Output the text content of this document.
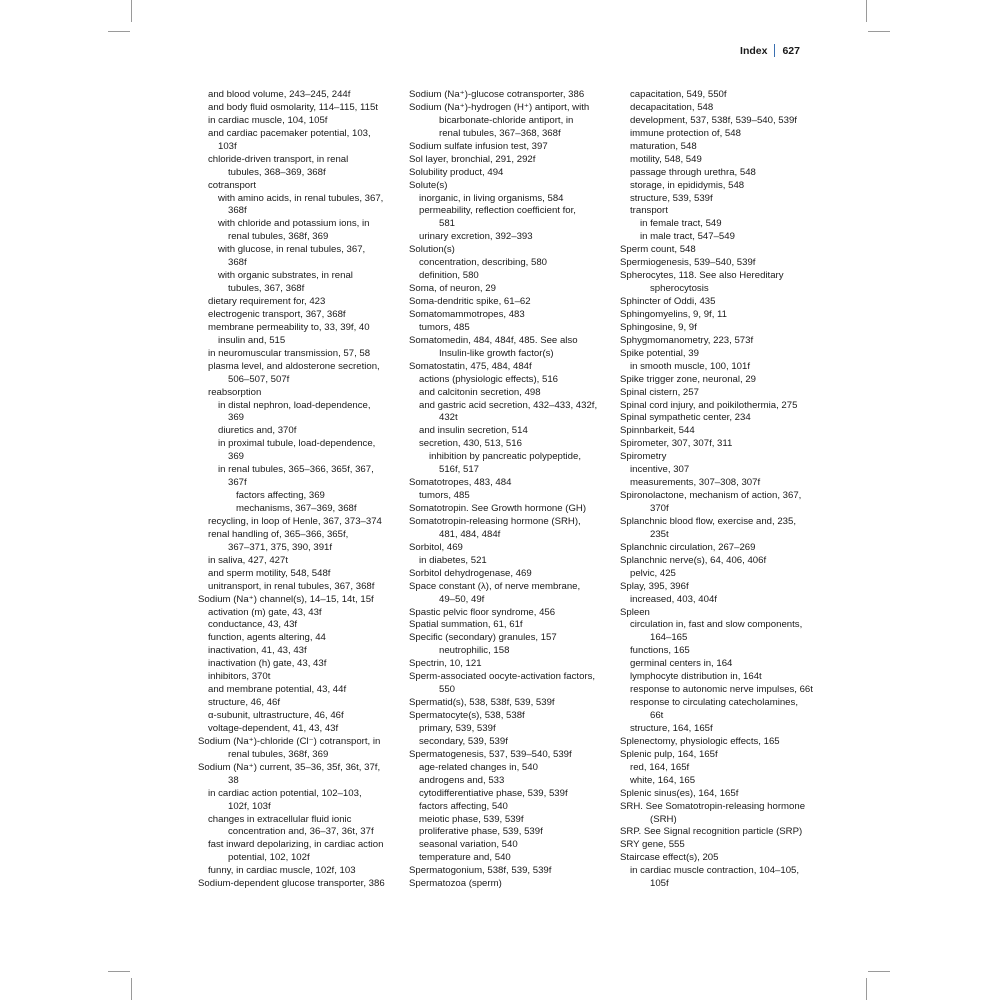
Index 627
and blood volume, 243–245, 244f
and body fluid osmolarity, 114–115, 115t
in cardiac muscle, 104, 105f
and cardiac pacemaker potential, 103,
103f
chloride-driven transport, in renal
tubules, 368–369, 368f
cotransport
with amino acids, in renal tubules, 367,
368f
with chloride and potassium ions, in
renal tubules, 368f, 369
with glucose, in renal tubules, 367,
368f
with organic substrates, in renal
tubules, 367, 368f
dietary requirement for, 423
electrogenic transport, 367, 368f
membrane permeability to, 33, 39f, 40
insulin and, 515
in neuromuscular transmission, 57, 58
plasma level, and aldosterone secretion,
506–507, 507f
reabsorption
in distal nephron, load-dependence,
369
diuretics and, 370f
in proximal tubule, load-dependence,
369
in renal tubules, 365–366, 365f, 367,
367f
factors affecting, 369
mechanisms, 367–369, 368f
recycling, in loop of Henle, 367, 373–374
renal handling of, 365–366, 365f,
367–371, 375, 390, 391f
in saliva, 427, 427t
and sperm motility, 548, 548f
unitransport, in renal tubules, 367, 368f
Sodium (Na⁺) channel(s), 14–15, 14t, 15f
activation (m) gate, 43, 43f
conductance, 43, 43f
function, agents altering, 44
inactivation, 41, 43, 43f
inactivation (h) gate, 43, 43f
inhibitors, 370t
and membrane potential, 43, 44f
structure, 46, 46f
α-subunit, ultrastructure, 46, 46f
voltage-dependent, 41, 43, 43f
Sodium (Na⁺)-chloride (Cl⁻) cotransport, in
renal tubules, 368f, 369
Sodium (Na⁺) current, 35–36, 35f, 36t, 37f,
38
in cardiac action potential, 102–103,
102f, 103f
changes in extracellular fluid ionic
concentration and, 36–37, 36t, 37f
fast inward depolarizing, in cardiac action
potential, 102, 102f
funny, in cardiac muscle, 102f, 103
Sodium-dependent glucose transporter, 386
Sodium (Na⁺)-glucose cotransporter, 386
Sodium (Na⁺)-hydrogen (H⁺) antiport, with
bicarbonate-chloride antiport, in
renal tubules, 367–368, 368f
Sodium sulfate infusion test, 397
Sol layer, bronchial, 291, 292f
Solubility product, 494
Solute(s)
inorganic, in living organisms, 584
permeability, reflection coefficient for,
581
urinary excretion, 392–393
Solution(s)
concentration, describing, 580
definition, 580
Soma, of neuron, 29
Soma-dendritic spike, 61–62
Somatomammotropes, 483
tumors, 485
Somatomedin, 484, 484f, 485. See also
Insulin-like growth factor(s)
Somatostatin, 475, 484, 484f
actions (physiologic effects), 516
and calcitonin secretion, 498
and gastric acid secretion, 432–433, 432f,
432t
and insulin secretion, 514
secretion, 430, 513, 516
inhibition by pancreatic polypeptide,
516f, 517
Somatotropes, 483, 484
tumors, 485
Somatotropin. See Growth hormone (GH)
Somatotropin-releasing hormone (SRH),
481, 484, 484f
Sorbitol, 469
in diabetes, 521
Sorbitol dehydrogenase, 469
Space constant (λ), of nerve membrane,
49–50, 49f
Spastic pelvic floor syndrome, 456
Spatial summation, 61, 61f
Specific (secondary) granules, 157
neutrophilic, 158
Spectrin, 10, 121
Sperm-associated oocyte-activation factors,
550
Spermatid(s), 538, 538f, 539, 539f
Spermatocyte(s), 538, 538f
primary, 539, 539f
secondary, 539, 539f
Spermatogenesis, 537, 539–540, 539f
age-related changes in, 540
androgens and, 533
cytodifferentiative phase, 539, 539f
factors affecting, 540
meiotic phase, 539, 539f
proliferative phase, 539, 539f
seasonal variation, 540
temperature and, 540
Spermatogonium, 538f, 539, 539f
Spermatozoa (sperm)
capacitation, 549, 550f
decapacitation, 548
development, 537, 538f, 539–540, 539f
immune protection of, 548
maturation, 548
motility, 548, 549
passage through urethra, 548
storage, in epididymis, 548
structure, 539, 539f
transport
in female tract, 549
in male tract, 547–549
Sperm count, 548
Spermiogenesis, 539–540, 539f
Spherocytes, 118. See also Hereditary
spherocytosis
Sphincter of Oddi, 435
Sphingomyelins, 9, 9f, 11
Sphingosine, 9, 9f
Sphygmomanometry, 223, 573f
Spike potential, 39
in smooth muscle, 100, 101f
Spike trigger zone, neuronal, 29
Spinal cistern, 257
Spinal cord injury, and poikilothermia, 275
Spinal sympathetic center, 234
Spinnbarkeit, 544
Spirometer, 307, 307f, 311
Spirometry
incentive, 307
measurements, 307–308, 307f
Spironolactone, mechanism of action, 367,
370f
Splanchnic blood flow, exercise and, 235,
235t
Splanchnic circulation, 267–269
Splanchnic nerve(s), 64, 406, 406f
pelvic, 425
Splay, 395, 396f
increased, 403, 404f
Spleen
circulation in, fast and slow components,
164–165
functions, 165
germinal centers in, 164
lymphocyte distribution in, 164t
response to autonomic nerve impulses, 66t
response to circulating catecholamines,
66t
structure, 164, 165f
Splenectomy, physiologic effects, 165
Splenic pulp, 164, 165f
red, 164, 165f
white, 164, 165
Splenic sinus(es), 164, 165f
SRH. See Somatotropin-releasing hormone
(SRH)
SRP. See Signal recognition particle (SRP)
SRY gene, 555
Staircase effect(s), 205
in cardiac muscle contraction, 104–105,
105f
